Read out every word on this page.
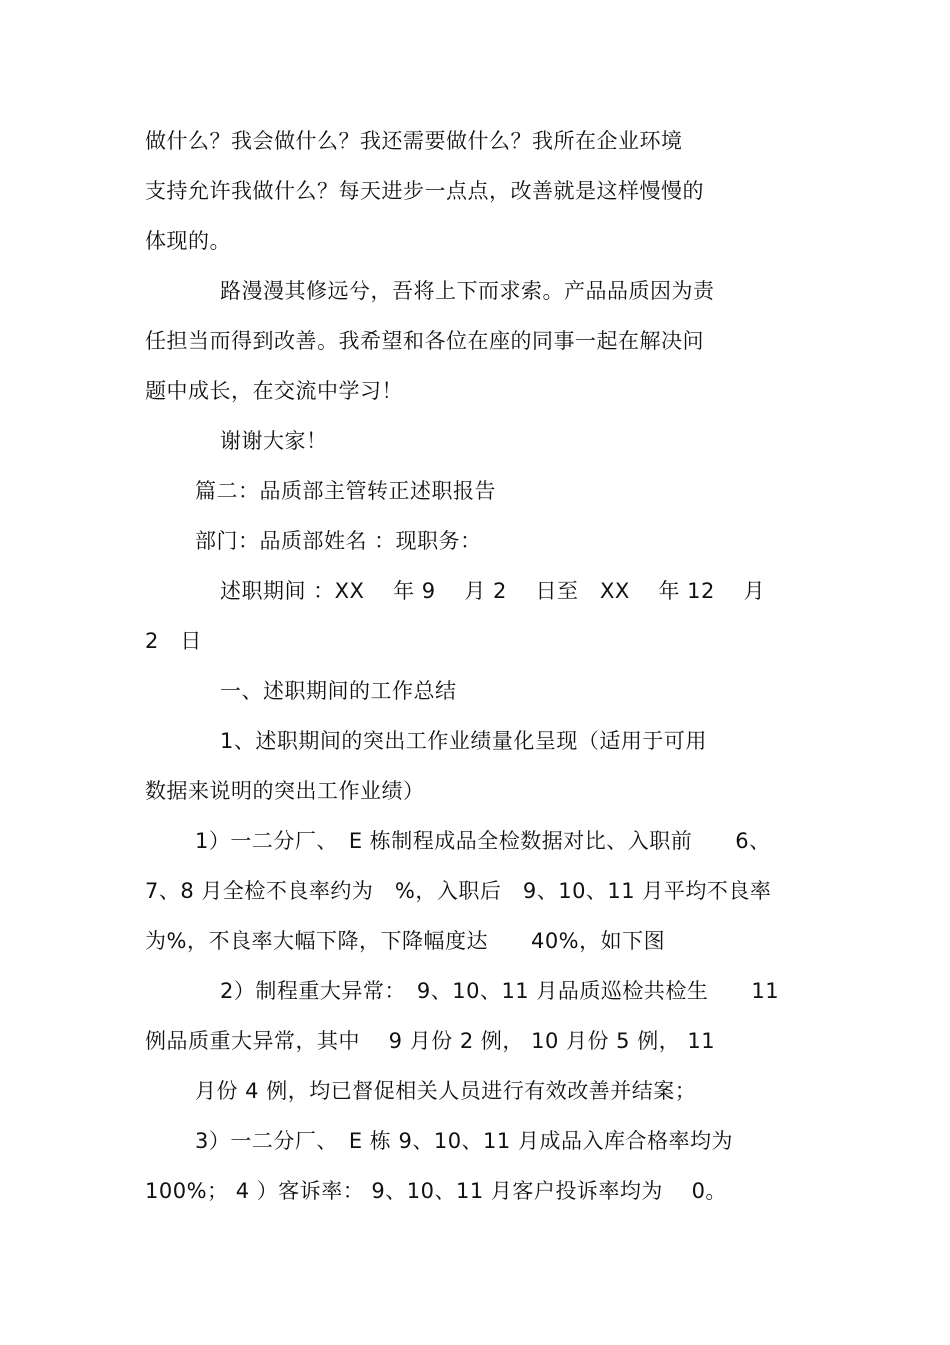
做什么？我会做什么？我还需要做什么？我所在企业环境
支持允许我做什么？每天进步一点点，改善就是这样慢慢的
体现的。
路漫漫其修远兮，吾将上下而求索。产品品质因为责
任担当而得到改善。我希望和各位在座的同事一起在解决问
题中成长，在交流中学习！
谢谢大家！
篇二：品质部主管转正述职报告
部门：品质部姓名 ：现职务：
述职期间 ：XX　 年 9　 月 2　 日至　XX　 年 12　 月
2　日
一、述职期间的工作总结
1、述职期间的突出工作业绩量化呈现（适用于可用
数据来说明的突出工作业绩）
1）一二分厂、　E 栋制程成品全检数据对比、入职前　　6、
7、8 月全检不良率约为　%，入职后　9、10、11 月平均不良率
为%，不良率大幅下降，下降幅度达　　40%，如下图
2）制程重大异常：　9、10、11 月品质巡检共检生　　11
例品质重大异常，其中　 9 月份 2 例， 10 月份 5 例， 11
月份 4 例，均已督促相关人员进行有效改善并结案；
3）一二分厂、　E 栋 9、10、11 月成品入库合格率均为
100%； 4 ）客诉率： 9、10、11 月客户投诉率均为　 0。
